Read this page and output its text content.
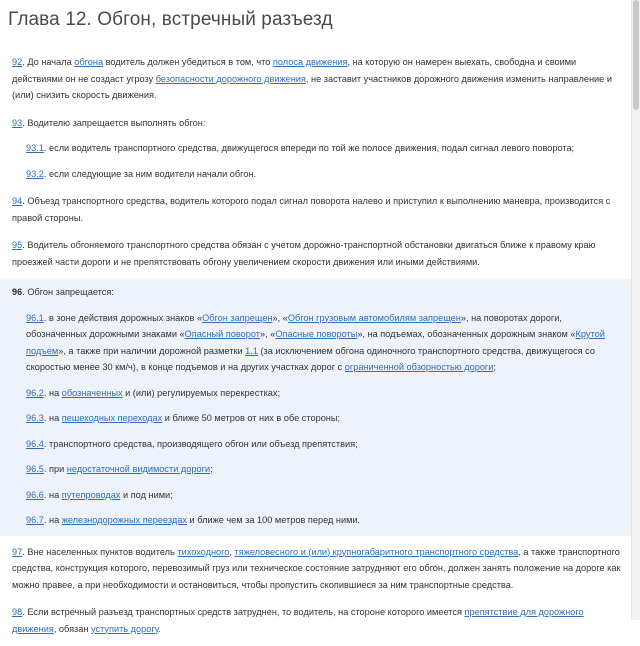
Глава 12. Обгон, встречный разъезд

92. До начала обгона водитель должен убедиться в том, что полоса движения, на которую он намерен выехать, свободна и своими действиями он не создаст угрозу безопасности дорожного движения, не заставит участников дорожного движения изменить направление и (или) снизить скорость движения.

93. Водителю запрещается выполнять обгон:

93.1. если водитель транспортного средства, движущегося впереди по той же полосе движения, подал сигнал левого поворота;

93.2. если следующие за ним водители начали обгон.

94. Объезд транспортного средства, водитель которого подал сигнал поворота налево и приступил к выполнению маневра, производится с правой стороны.

95. Водитель обгоняемого транспортного средства обязан с учетом дорожно-транспортной обстановки двигаться ближе к правому краю проезжей части дороги и не препятствовать обгону увеличением скорости движения или иными действиями.

96. Обгон запрещается:

96.1. в зоне действия дорожных знаков «Обгон запрещен», «Обгон грузовым автомобилям запрещен», на поворотах дороги, обозначенных дорожными знаками «Опасный поворот», «Опасные повороты», на подъемах, обозначенных дорожным знаком «Крутой подъем», а также при наличии дорожной разметки 1.1 (за исключением обгона одиночного транспортного средства, движущегося со скоростью менее 30 км/ч), в конце подъемов и на других участках дорог с ограниченной обзорностью дороги;

96.2. на обозначенных и (или) регулируемых перекрестках;

96.3. на пешеходных переходах и ближе 50 метров от них в обе стороны;

96.4. транспортного средства, производящего обгон или объезд препятствия;

96.5. при недостаточной видимости дороги;

96.6. на путепроводах и под ними;

96.7. на железнодорожных переездах и ближе чем за 100 метров перед ними.

97. Вне населенных пунктов водитель тихоходного, тяжеловесного и (или) крупногабаритного транспортного средства, а также транспортного средства, конструкция которого, перевозимый груз или техническое состояние затрудняют его обгон, должен занять положение на дороге как можно правее, а при необходимости и остановиться, чтобы пропустить скопившиеся за ним транспортные средства.

98. Если встречный разъезд транспортных средств затруднен, то водитель, на стороне которого имеется препятствие для дорожного движения, обязан уступить дорогу.
